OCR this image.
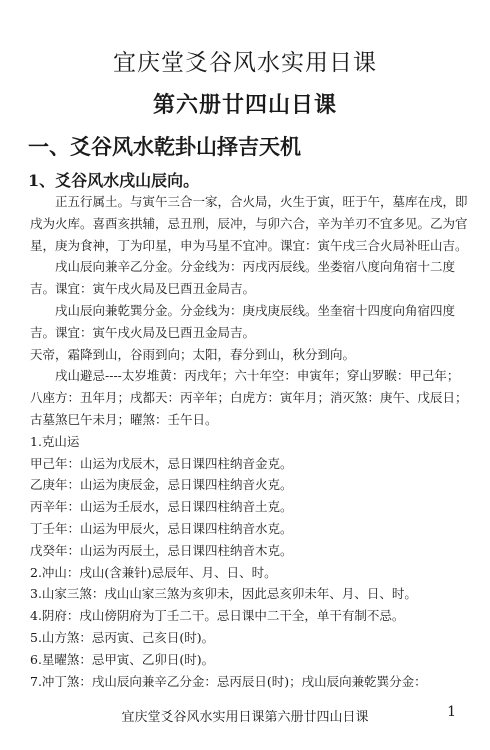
宜庆堂爻谷风水实用日课
第六册廿四山日课
一、爻谷风水乾卦山择吉天机
1、爻谷风水戌山辰向。

正五行属土。与寅午三合一家，合火局，火生于寅，旺于午，墓库在戌，即戌为火库。喜酉亥拱辅，忌丑刑，辰冲，与卯六合，辛为羊刃不宜多见。乙为官星，庚为食神，丁为印星，申为马星不宜冲。课宜：寅午戌三合火局补旺山吉。

戌山辰向兼辛乙分金。分金线为：丙戌丙辰线。坐娄宿八度向角宿十二度吉。课宜：寅午戌火局及巳酉丑金局吉。

戌山辰向兼乾巽分金。分金线为：庚戌庚辰线。坐奎宿十四度向角宿四度吉。课宜：寅午戌火局及巳酉丑金局吉。

天帝，霜降到山，谷雨到向；太阳，春分到山，秋分到向。

戌山避忌----太岁堆黄：丙戌年；六十年空：申寅年；穿山罗睺：甲己年；八座方：丑年月；戌都天：丙辛年；白虎方：寅年月；消灭煞：庚午、戊辰日；古墓煞巳午未月；曜煞：壬午日。

1.克山运

甲己年：山运为戊辰木，忌日课四柱纳音金克。

乙庚年：山运为庚辰金，忌日课四柱纳音火克。

丙辛年：山运为壬辰水，忌日课四柱纳音土克。

丁壬年：山运为甲辰火，忌日课四柱纳音水克。

戊癸年：山运为丙辰土，忌日课四柱纳音木克。

2.冲山：戌山(含兼针)忌辰年、月、日、时。

3.山家三煞：戌山山家三煞为亥卯未，因此忌亥卯未年、月、日、时。

4.阴府：戌山傍阴府为丁壬二干。忌日课中二干全，单干有制不忌。

5.山方煞：忌丙寅、己亥日(时)。

6.星曜煞：忌甲寅、乙卯日(时)。

7.冲丁煞：戌山辰向兼辛乙分金：忌丙辰日(时)；戌山辰向兼乾巽分金：

宜庆堂爻谷风水实用日课第六册廿四山日课	1
